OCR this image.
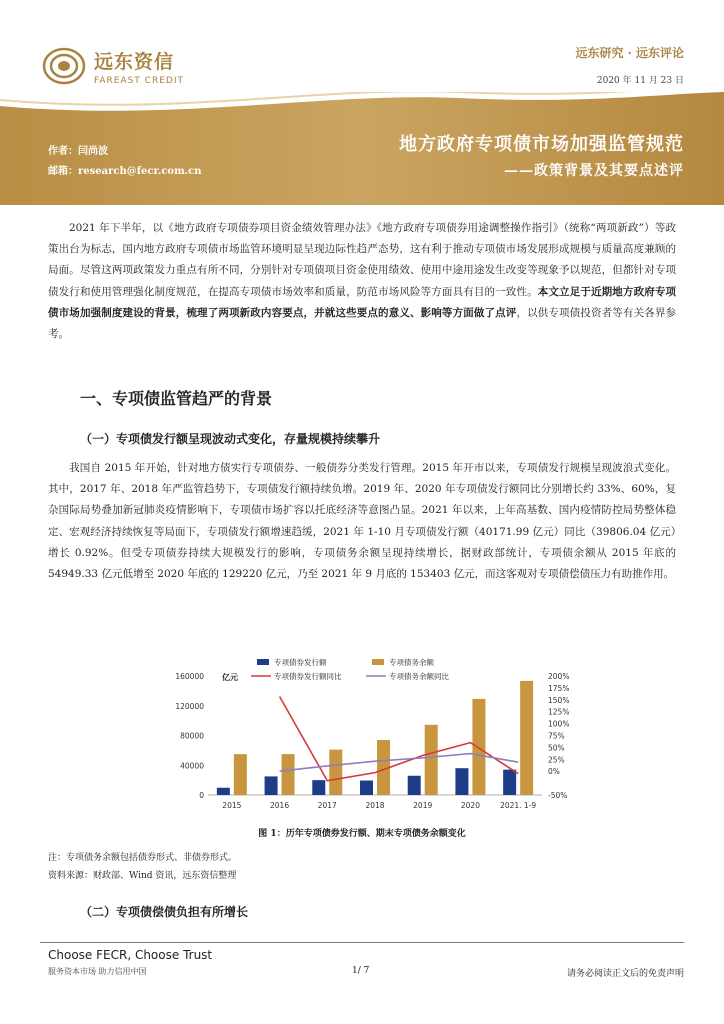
远东资信
FAREAST CREDIT
远东研究 · 远东评论
2020 年 11 月 23 日
作者：闫尚波
邮箱：research@fecr.com.cn
地方政府专项债市场加强监管规范
——政策背景及其要点述评

  2021 年下半年，以《地方政府专项债券项目资金绩效管理办法》《地方政府专项债券用途调整操作指引》（统称“两项新政”）等政策出台为标志，国内地方政府专项债市场监管环境明显呈现边际性趋严态势，这有利于推动专项债市场发展形成规模与质量高度兼顾的局面。尽管这两项政策发力重点有所不同，分别针对专项债项目资金使用绩效、使用中途用途发生改变等现象予以规范，但都针对专项债发行和使用管理强化制度规范，在提高专项债市场效率和质量，防范市场风险等方面具有目的一致性。本文立足于近期地方政府专项债市场加强制度建设的背景，梳理了两项新政内容要点，并就这些要点的意义、影响等方面做了点评，以供专项债投资者等有关各界参考。

一、专项债监管趋严的背景
（一）专项债发行额呈现波动式变化，存量规模持续攀升

  我国自 2015 年开始，针对地方债实行专项债券、一般债券分类发行管理。2015 年开市以来，专项债发行规模呈现波浪式变化。其中，2017 年、2018 年严监管趋势下，专项债发行额持续负增。2019 年、2020 年专项债发行额同比分别增长约 33%、60%，复杂国际局势叠加新冠肺炎疫情影响下，专项债市场扩容以托底经济等意图凸显。2021 年以来，上年高基数、国内疫情防控局势整体稳定、宏观经济持续恢复等局面下，专项债发行额增速趋缓，2021 年 1-10 月专项债发行额（40171.99 亿元）同比（39806.04 亿元）增长 0.92%。但受专项债券持续大规模发行的影响，专项债务余额呈现持续增长，据财政部统计，专项债余额从 2015 年底的 54949.33 亿元低增至 2020 年底的 129220 亿元，乃至 2021 年 9 月底的 153403 亿元，而这客观对专项债偿债压力有助推作用。

0
40000
80000
120000
160000
-50%
0%
25%
50%
75%
100%
125%
150%
175%
200%
亿元
2015	2016	2017	2018	2019	2020	2021. 1-9
专项债券发行额	专项债务余额
专项债券发行额同比	专项债务余额同比
图 1：历年专项债券发行额、期末专项债务余额变化
注：专项债务余额包括债券形式、非债券形式。
资料来源：财政部、Wind 资讯，远东资信整理
（二）专项债偿债负担有所增长
Choose FECR, Choose Trust
服务资本市场 助力信用中国	1/ 7	请务必阅读正文后的免责声明
